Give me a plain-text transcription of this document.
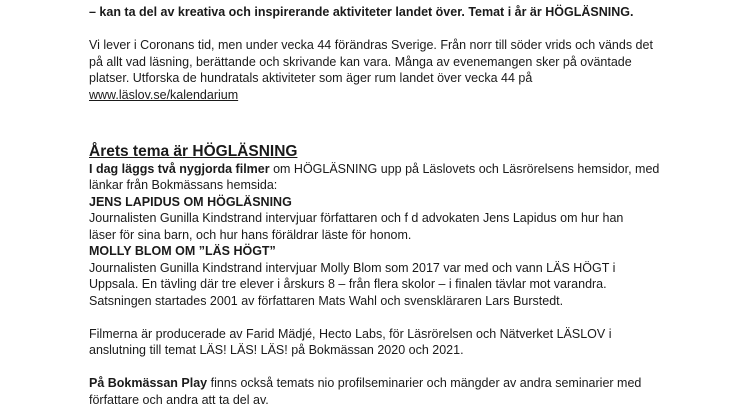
– kan ta del av kreativa och inspirerande aktiviteter landet över. Temat i år är HÖGLÄSNING.

Vi lever i Coronans tid, men under vecka 44 förändras Sverige. Från norr till söder vrids och vänds det

på allt vad läsning, berättande och skrivande kan vara. Många av evenemangen sker på oväntade

platser. Utforska de hundratals aktiviteter som äger rum landet över vecka 44 på

www.läslov.se/kalendarium

Årets tema är HÖGLÄSNING

I dag läggs två nygjorda filmer om HÖGLÄSNING upp på Läslovets och Läsrörelsens hemsidor, med

länkar från Bokmässans hemsida:

JENS LAPIDUS OM HÖGLÄSNING

Journalisten Gunilla Kindstrand intervjuar författaren och f d advokaten Jens Lapidus om hur han

läser för sina barn, och hur hans föräldrar läste för honom.

MOLLY BLOM OM ”LÄS HÖGT”

Journalisten Gunilla Kindstrand intervjuar Molly Blom som 2017 var med och vann LÄS HÖGT i

Uppsala. En tävling där tre elever i årskurs 8 – från flera skolor – i finalen tävlar mot varandra.

Satsningen startades 2001 av författaren Mats Wahl och svenskläraren Lars Burstedt.

Filmerna är producerade av Farid Mädjé, Hecto Labs, för Läsrörelsen och Nätverket LÄSLOV i

anslutning till temat LÄS! LÄS! LÄS! på Bokmässan 2020 och 2021.

På Bokmässan Play finns också temats nio profilseminarier och mängder av andra seminarier med

författare och andra att ta del av.
